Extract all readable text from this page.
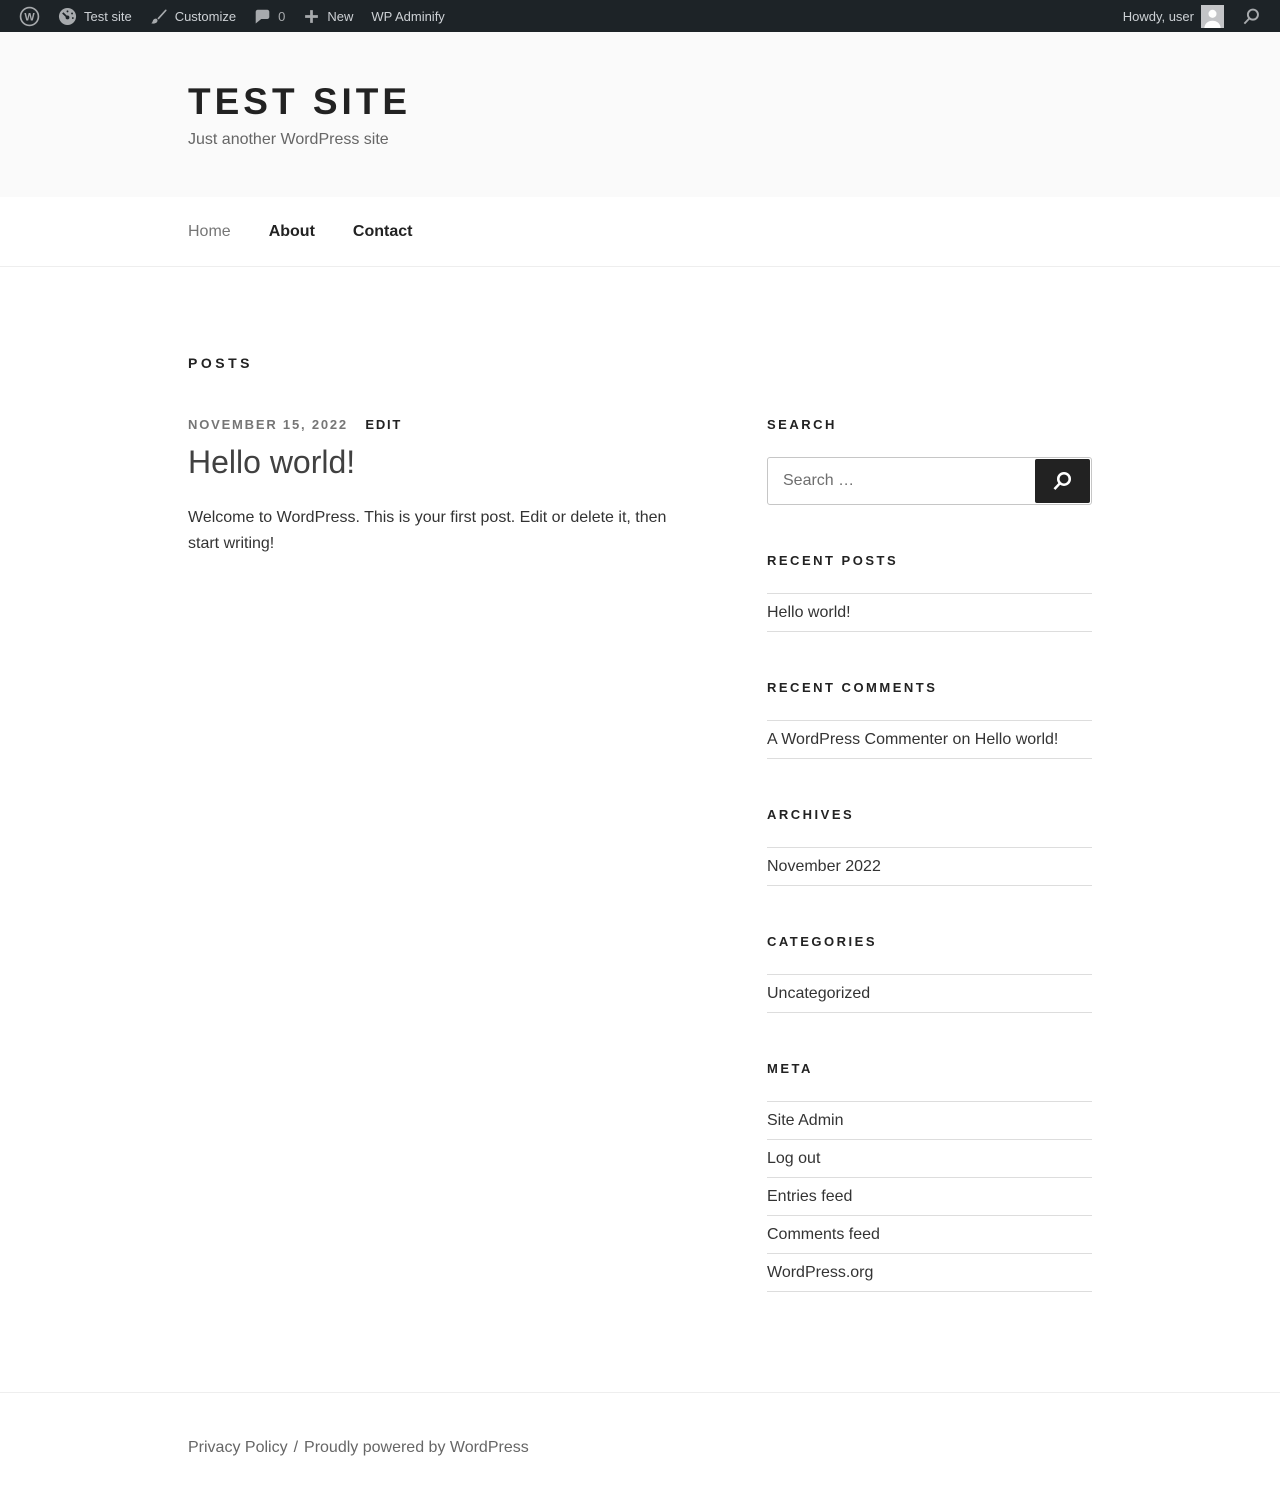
W	Test site	Customize	0	New WP Adminify	Howdy, user
TEST SITE

Just another WordPress site

Home	About	Contact
POSTS
NOVEMBER 15, 2022 EDIT
Hello world!

Welcome to WordPress. This is your first post. Edit or delete it, then start writing!

SEARCH
Search …
RECENT POSTS
Hello world!
RECENT COMMENTS
A WordPress Commenter on Hello world!
ARCHIVES
November 2022
CATEGORIES
Uncategorized
META
Site Admin
Log out
Entries feed
Comments feed
WordPress.org
Privacy Policy / Proudly powered by WordPress
